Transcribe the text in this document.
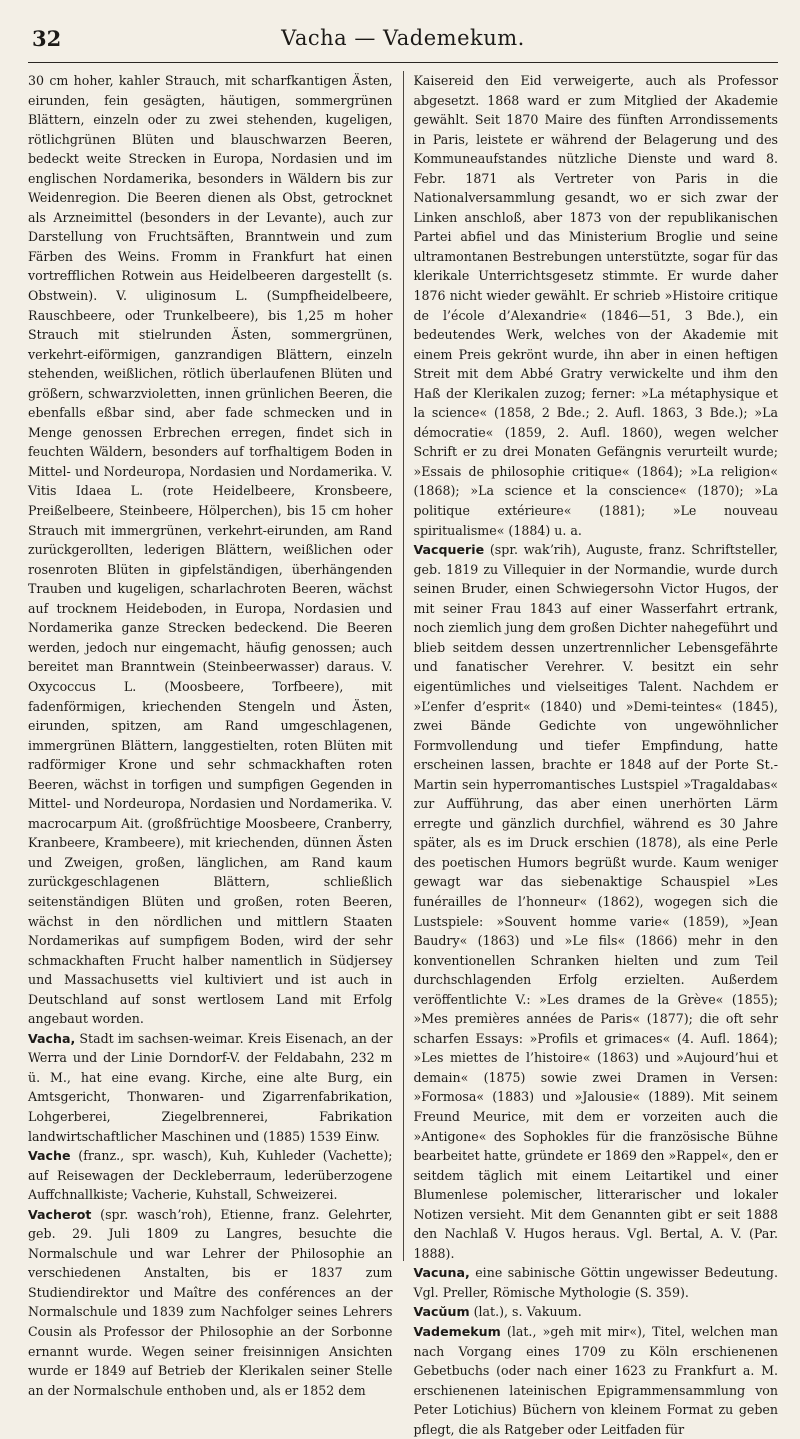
32	Vacha — Vademekum.

30 cm hoher, kahler Strauch, mit scharfkantigen Ästen, eirunden, fein gesägten, häutigen, sommergrünen Blättern, einzeln oder zu zwei stehenden, kugeligen, rötlichgrünen Blüten und blauschwarzen Beeren, bedeckt weite Strecken in Europa, Nordasien und im englischen Nordamerika, besonders in Wäldern bis zur Weidenregion. Die Beeren dienen als Obst, getrocknet als Arzneimittel (besonders in der Levante), auch zur Darstellung von Fruchtsäften, Branntwein und zum Färben des Weins. Fromm in Frankfurt hat einen vortrefflichen Rotwein aus Heidelbeeren dargestellt (s. Obstwein). V. uliginosum L. (Sumpfheidelbeere, Rauschbeere, oder Trunkelbeere), bis 1,25 m hoher Strauch mit stielrunden Ästen, sommergrünen, verkehrt-eiförmigen, ganzrandigen Blättern, einzeln stehenden, weißlichen, rötlich überlaufenen Blüten und größern, schwarzvioletten, innen grünlichen Beeren, die ebenfalls eßbar sind, aber fade schmecken und in Menge genossen Erbrechen erregen, findet sich in feuchten Wäldern, besonders auf torfhaltigem Boden in Mittel- und Nordeuropa, Nordasien und Nordamerika. V. Vitis Idaea L. (rote Heidelbeere, Kronsbeere, Preißelbeere, Steinbeere, Hölperchen), bis 15 cm hoher Strauch mit immergrünen, verkehrt-eirunden, am Rand zurückgerollten, lederigen Blättern, weißlichen oder rosenroten Blüten in gipfelständigen, überhängenden Trauben und kugeligen, scharlachroten Beeren, wächst auf trocknem Heideboden, in Europa, Nordasien und Nordamerika ganze Strecken bedeckend. Die Beeren werden, jedoch nur eingemacht, häufig genossen; auch bereitet man Branntwein (Steinbeerwasser) daraus. V. Oxycoccus L. (Moosbeere, Torfbeere), mit fadenförmigen, kriechenden Stengeln und Ästen, eirunden, spitzen, am Rand umgeschlagenen, immergrünen Blättern, langgestielten, roten Blüten mit radförmiger Krone und sehr schmackhaften roten Beeren, wächst in torfigen und sumpfigen Gegenden in Mittel- und Nordeuropa, Nordasien und Nordamerika. V. macrocarpum Ait. (großfrüchtige Moosbeere, Cranberry, Kranbeere, Krambeere), mit kriechenden, dünnen Ästen und Zweigen, großen, länglichen, am Rand kaum zurückgeschlagenen Blättern, schließlich seitenständigen Blüten und großen, roten Beeren, wächst in den nördlichen und mittlern Staaten Nordamerikas auf sumpfigem Boden, wird der sehr schmackhaften Frucht halber namentlich in Südjersey und Massachusetts viel kultiviert und ist auch in Deutschland auf sonst wertlosem Land mit Erfolg angebaut worden.

Vacha, Stadt im sachsen-weimar. Kreis Eisenach, an der Werra und der Linie Dorndorf-V. der Feldabahn, 232 m ü. M., hat eine evang. Kirche, eine alte Burg, ein Amtsgericht, Thonwaren- und Zigarrenfabrikation, Lohgerberei, Ziegelbrennerei, Fabrikation landwirtschaftlicher Maschinen und (1885) 1539 Einw.

Vache (franz., spr. wasch), Kuh, Kuhleder (Vachette); auf Reisewagen der Deckleberraum, lederüberzogene Auffchnallkiste; Vacherie, Kuhstall, Schweizerei.

Vacherot (spr. waschʼroh), Etienne, franz. Gelehrter, geb. 29. Juli 1809 zu Langres, besuchte die Normalschule und war Lehrer der Philosophie an verschiedenen Anstalten, bis er 1837 zum Studiendirektor und Maître des conférences an der Normalschule und 1839 zum Nachfolger seines Lehrers Cousin als Professor der Philosophie an der Sorbonne ernannt wurde. Wegen seiner freisinnigen Ansichten wurde er 1849 auf Betrieb der Klerikalen seiner Stelle an der Normalschule enthoben und, als er 1852 dem

Kaisereid den Eid verweigerte, auch als Professor abgesetzt. 1868 ward er zum Mitglied der Akademie gewählt. Seit 1870 Maire des fünften Arrondissements in Paris, leistete er während der Belagerung und des Kommuneaufstandes nützliche Dienste und ward 8. Febr. 1871 als Vertreter von Paris in die Nationalversammlung gesandt, wo er sich zwar der Linken anschloß, aber 1873 von der republikanischen Partei abfiel und das Ministerium Broglie und seine ultramontanen Bestrebungen unterstützte, sogar für das klerikale Unterrichtsgesetz stimmte. Er wurde daher 1876 nicht wieder gewählt. Er schrieb »Histoire critique de l’école d’Alexandrie« (1846—51, 3 Bde.), ein bedeutendes Werk, welches von der Akademie mit einem Preis gekrönt wurde, ihn aber in einen heftigen Streit mit dem Abbé Gratry verwickelte und ihm den Haß der Klerikalen zuzog; ferner: »La métaphysique et la science« (1858, 2 Bde.; 2. Aufl. 1863, 3 Bde.); »La démocratie« (1859, 2. Aufl. 1860), wegen welcher Schrift er zu drei Monaten Gefängnis verurteilt wurde; »Essais de philosophie critique« (1864); »La religion« (1868); »La science et la conscience« (1870); »La politique extérieure« (1881); »Le nouveau spiritualisme« (1884) u. a.

Vacquerie (spr. wakʼrih), Auguste, franz. Schriftsteller, geb. 1819 zu Villequier in der Normandie, wurde durch seinen Bruder, einen Schwiegersohn Victor Hugos, der mit seiner Frau 1843 auf einer Wasserfahrt ertrank, noch ziemlich jung dem großen Dichter nahegeführt und blieb seitdem dessen unzertrennlicher Lebensgefährte und fanatischer Verehrer. V. besitzt ein sehr eigentümliches und vielseitiges Talent. Nachdem er »L’enfer d’esprit« (1840) und »Demi-teintes« (1845), zwei Bände Gedichte von ungewöhnlicher Formvollendung und tiefer Empfindung, hatte erscheinen lassen, brachte er 1848 auf der Porte St.-Martin sein hyperromantisches Lustspiel »Tragaldabas« zur Aufführung, das aber einen unerhörten Lärm erregte und gänzlich durchfiel, während es 30 Jahre später, als es im Druck erschien (1878), als eine Perle des poetischen Humors begrüßt wurde. Kaum weniger gewagt war das siebenaktige Schauspiel »Les funérailles de l’honneur« (1862), wogegen sich die Lustspiele: »Souvent homme varie« (1859), »Jean Baudry« (1863) und »Le fils« (1866) mehr in den konventionellen Schranken hielten und zum Teil durchschlagenden Erfolg erzielten. Außerdem veröffentlichte V.: »Les drames de la Grève« (1855); »Mes premières années de Paris« (1877); die oft sehr scharfen Essays: »Profils et grimaces« (4. Aufl. 1864); »Les miettes de l’histoire« (1863) und »Aujourd’hui et demain« (1875) sowie zwei Dramen in Versen: »Formosa« (1883) und »Jalousie« (1889). Mit seinem Freund Meurice, mit dem er vorzeiten auch die »Antigone« des Sophokles für die französische Bühne bearbeitet hatte, gründete er 1869 den »Rappel«, den er seitdem täglich mit einem Leitartikel und einer Blumenlese polemischer, litterarischer und lokaler Notizen versieht. Mit dem Genannten gibt er seit 1888 den Nachlaß V. Hugos heraus. Vgl. Bertal, A. V. (Par. 1888).

Vacuna, eine sabinische Göttin ungewisser Bedeutung. Vgl. Preller, Römische Mythologie (S. 359).

Vacŭum (lat.), s. Vakuum.

Vademekum (lat., »geh mit mir«), Titel, welchen man nach Vorgang eines 1709 zu Köln erschienenen Gebetbuchs (oder nach einer 1623 zu Frankfurt a. M. erschienenen lateinischen Epigrammensammlung von Peter Lotichius) Büchern von kleinem Format zu geben pflegt, die als Ratgeber oder Leitfaden für
